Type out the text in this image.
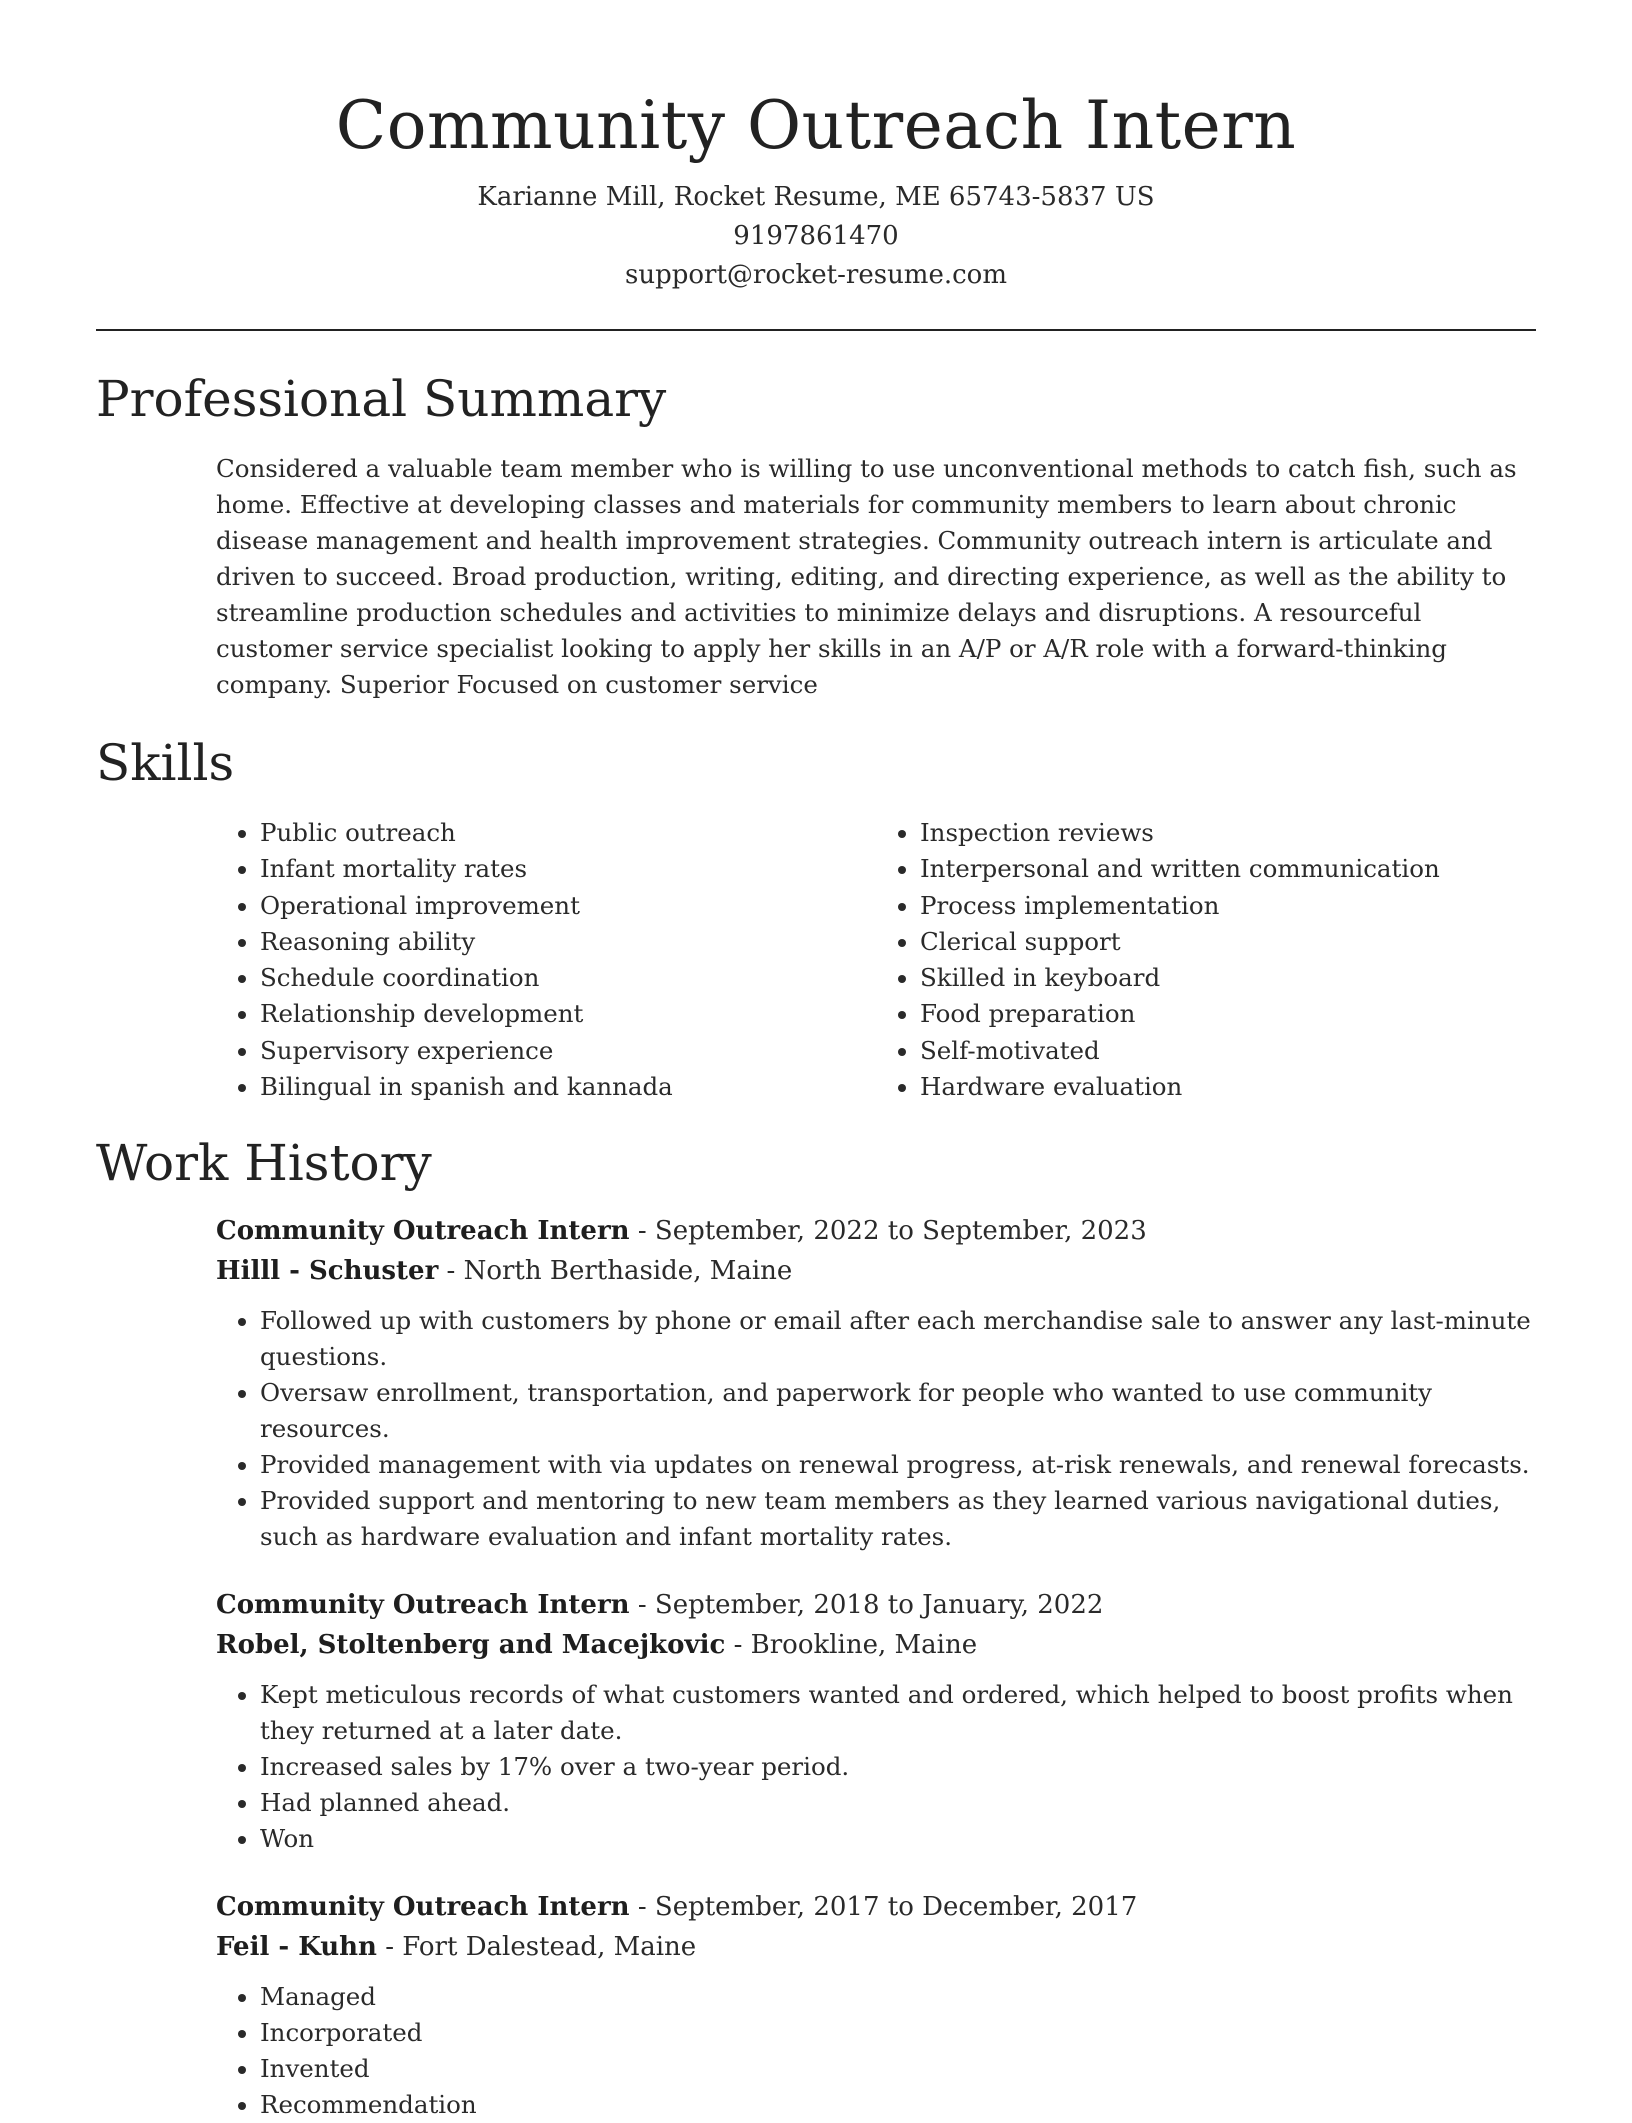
Community Outreach Intern
Karianne Mill, Rocket Resume, ME 65743-5837 US
9197861470
support@rocket-resume.com
Professional Summary

Considered a valuable team member who is willing to use unconventional methods to catch fish, such as home. Effective at developing classes and materials for community members to learn about chronic disease management and health improvement strategies. Community outreach intern is articulate and driven to succeed. Broad production, writing, editing, and directing experience, as well as the ability to streamline production schedules and activities to minimize delays and disruptions. A resourceful customer service specialist looking to apply her skills in an A/P or A/R role with a forward-thinking company. Superior Focused on customer service

Skills
• Public outreach
• Infant mortality rates
• Operational improvement
• Reasoning ability
• Schedule coordination
• Relationship development
• Supervisory experience
• Bilingual in spanish and kannada
• Inspection reviews
• Interpersonal and written communication
• Process implementation
• Clerical support
• Skilled in keyboard
• Food preparation
• Self-motivated
• Hardware evaluation
Work History
Community Outreach Intern - September, 2022 to September, 2023
Hilll - Schuster - North Berthaside, Maine
• Followed up with customers by phone or email after each merchandise sale to answer any last-minute questions.
• Oversaw enrollment, transportation, and paperwork for people who wanted to use community resources.
• Provided management with via updates on renewal progress, at-risk renewals, and renewal forecasts.
• Provided support and mentoring to new team members as they learned various navigational duties, such as hardware evaluation and infant mortality rates.
Community Outreach Intern - September, 2018 to January, 2022
Robel, Stoltenberg and Macejkovic - Brookline, Maine
• Kept meticulous records of what customers wanted and ordered, which helped to boost profits when they returned at a later date.
• Increased sales by 17% over a two-year period.
• Had planned ahead.
• Won
Community Outreach Intern - September, 2017 to December, 2017
Feil - Kuhn - Fort Dalestead, Maine
• Managed
• Incorporated
• Invented
• Recommendation
